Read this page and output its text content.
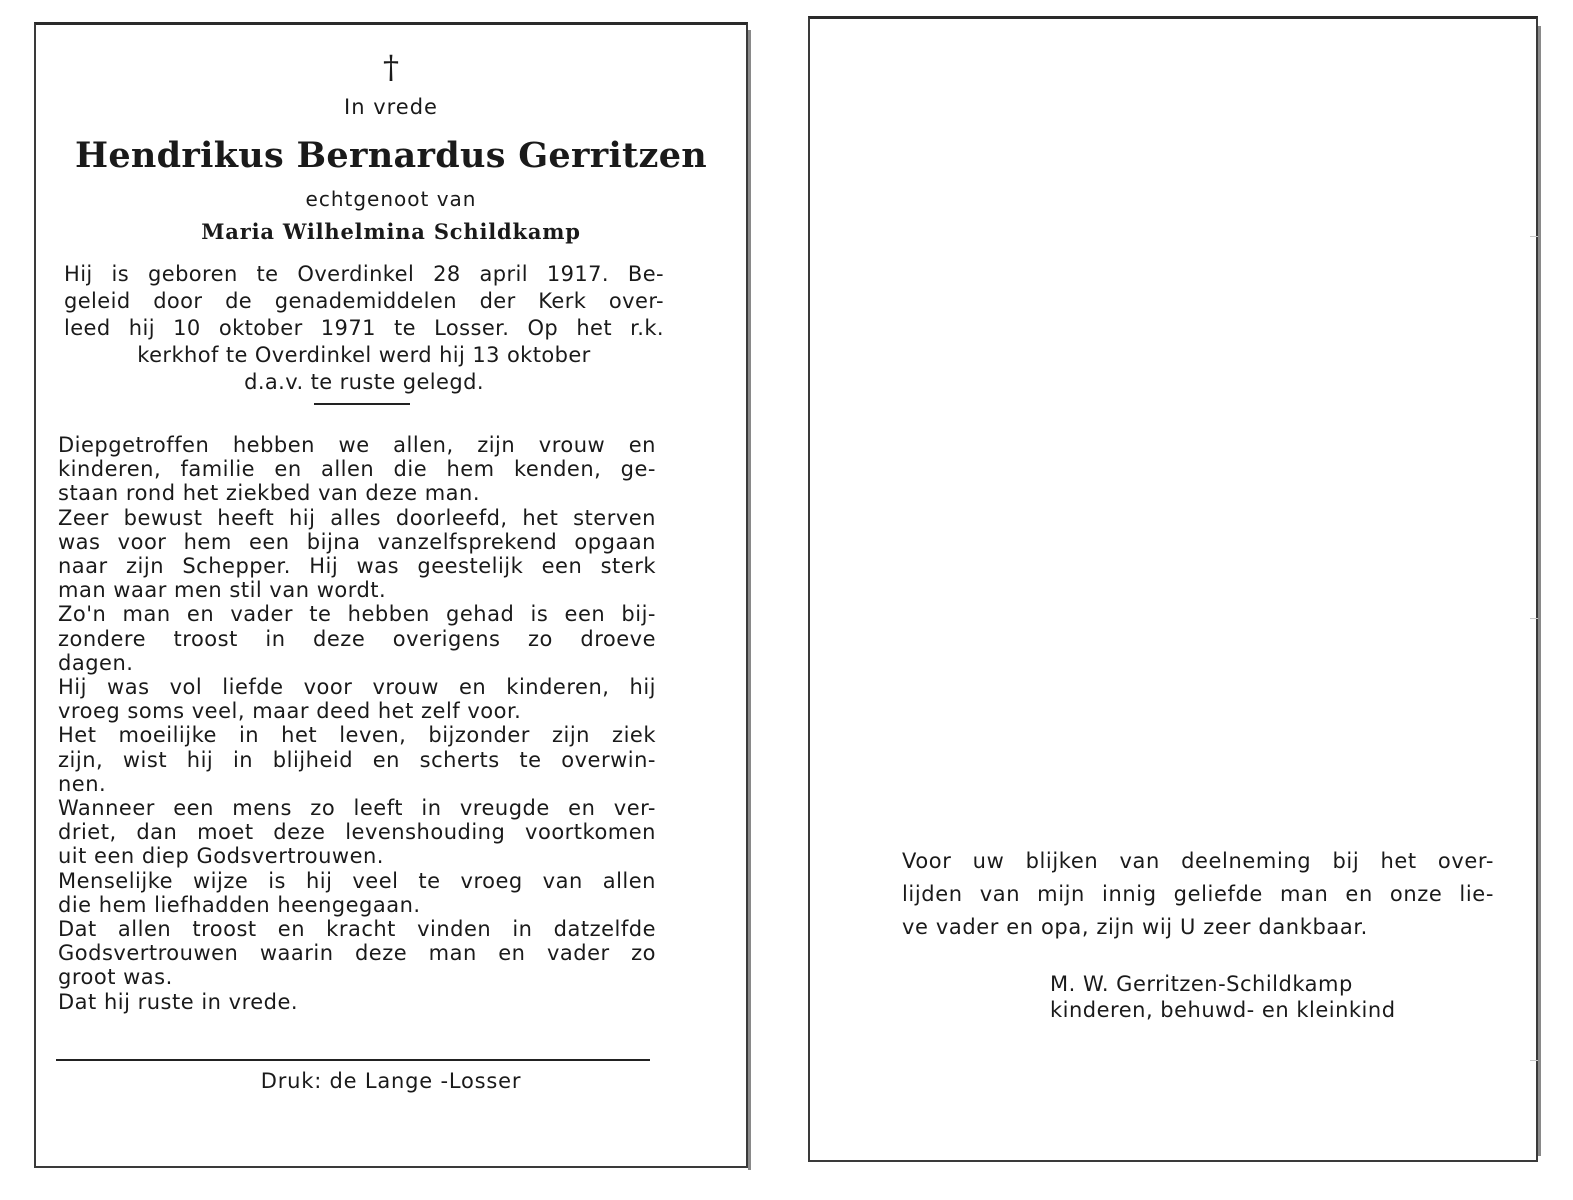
†
In vrede
Hendrikus Bernardus Gerritzen
echtgenoot van
Maria Wilhelmina Schildkamp
Hij is geboren te Overdinkel 28 april 1917. Be-
geleid door de genademiddelen der Kerk over-
leed hij 10 oktober 1971 te Losser. Op het r.k.
kerkhof te Overdinkel werd hij 13 oktober
d.a.v. te ruste gelegd.
Diepgetroffen hebben we allen, zijn vrouw en
kinderen, familie en allen die hem kenden, ge-
staan rond het ziekbed van deze man.
Zeer bewust heeft hij alles doorleefd, het sterven
was voor hem een bijna vanzelfsprekend opgaan
naar zijn Schepper. Hij was geestelijk een sterk
man waar men stil van wordt.
Zo'n man en vader te hebben gehad is een bij-
zondere troost in deze overigens zo droeve
dagen.
Hij was vol liefde voor vrouw en kinderen, hij
vroeg soms veel, maar deed het zelf voor.
Het moeilijke in het leven, bijzonder zijn ziek
zijn, wist hij in blijheid en scherts te overwin-
nen.
Wanneer een mens zo leeft in vreugde en ver-
driet, dan moet deze levenshouding voortkomen
uit een diep Godsvertrouwen.
Menselijke wijze is hij veel te vroeg van allen
die hem liefhadden heengegaan.
Dat allen troost en kracht vinden in datzelfde
Godsvertrouwen waarin deze man en vader zo
groot was.
Dat hij ruste in vrede.
Druk: de Lange -Losser
Voor uw blijken van deelneming bij het over-
lijden van mijn innig geliefde man en onze lie-
ve vader en opa, zijn wij U zeer dankbaar.
M. W. Gerritzen-Schildkamp
kinderen, behuwd- en kleinkind
